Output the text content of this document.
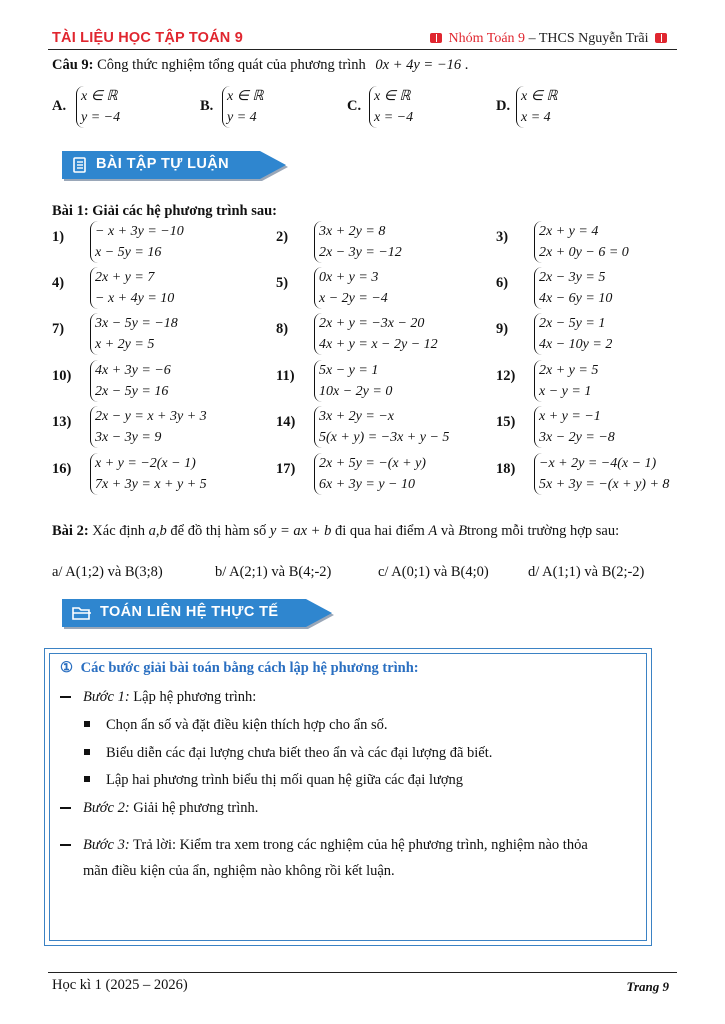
TÀI LIỆU HỌC TẬP TOÁN 9	Nhóm Toán 9 – THCS Nguyễn Trãi
Câu 9: Công thức nghiệm tổng quát của phương trình 0x + 4y = −16 .
A.
x ∈ ℝ
y = −4
B.
x ∈ ℝ
y = 4
C.
x ∈ ℝ
x = −4
D.
x ∈ ℝ
x = 4
BÀI TẬP TỰ LUẬN
Bài 1: Giải các hệ phương trình sau:
1) − x + 3y = −10
x − 5y = 16
2) 3x + 2y = 8
2x − 3y = −12
3) 2x + y = 4
2x + 0y − 6 = 0
4) 2x + y = 7
− x + 4y = 10
5) 0x + y = 3
x − 2y = −4
6) 2x − 3y = 5
4x − 6y = 10
7) 3x − 5y = −18
x + 2y = 5
8) 2x + y = −3x − 20
4x + y = x − 2y − 12
9) 2x − 5y = 1
4x − 10y = 2
10) 4x + 3y = −6
2x − 5y = 16
11) 5x − y = 1
10x − 2y = 0
12) 2x + y = 5
x − y = 1
13) 2x − y = x + 3y + 3
3x − 3y = 9
14) 3x + 2y = −x
5(x + y) = −3x + y − 5
15) x + y = −1
3x − 2y = −8
16) x + y = −2(x − 1)
7x + 3y = x + y + 5
17) 2x + 5y = −(x + y)
6x + 3y = y − 10
18) −x + 2y = −4(x − 1)
5x + 3y = −(x + y) + 8
Bài 2: Xác định a,b để đồ thị hàm số y = ax + b đi qua hai điểm A và Btrong mỗi trường hợp sau:
a/ A(1;2) và B(3;8)	b/ A(2;1) và B(4;-2)	c/ A(0;1) và B(4;0)	d/ A(1;1) và B(2;-2)
TOÁN LIÊN HỆ THỰC TẾ
① Các bước giải bài toán bằng cách lập hệ phương trình:
Bước 1: Lập hệ phương trình:
Chọn ẩn số và đặt điều kiện thích hợp cho ẩn số.
Biểu diễn các đại lượng chưa biết theo ẩn và các đại lượng đã biết.
Lập hai phương trình biểu thị mối quan hệ giữa các đại lượng
Bước 2: Giải hệ phương trình.
Bước 3: Trả lời: Kiểm tra xem trong các nghiệm của hệ phương trình, nghiệm nào thỏa
mãn điều kiện của ẩn, nghiệm nào không rồi kết luận.
Học kì 1 (2025 – 2026)	Trang 9
